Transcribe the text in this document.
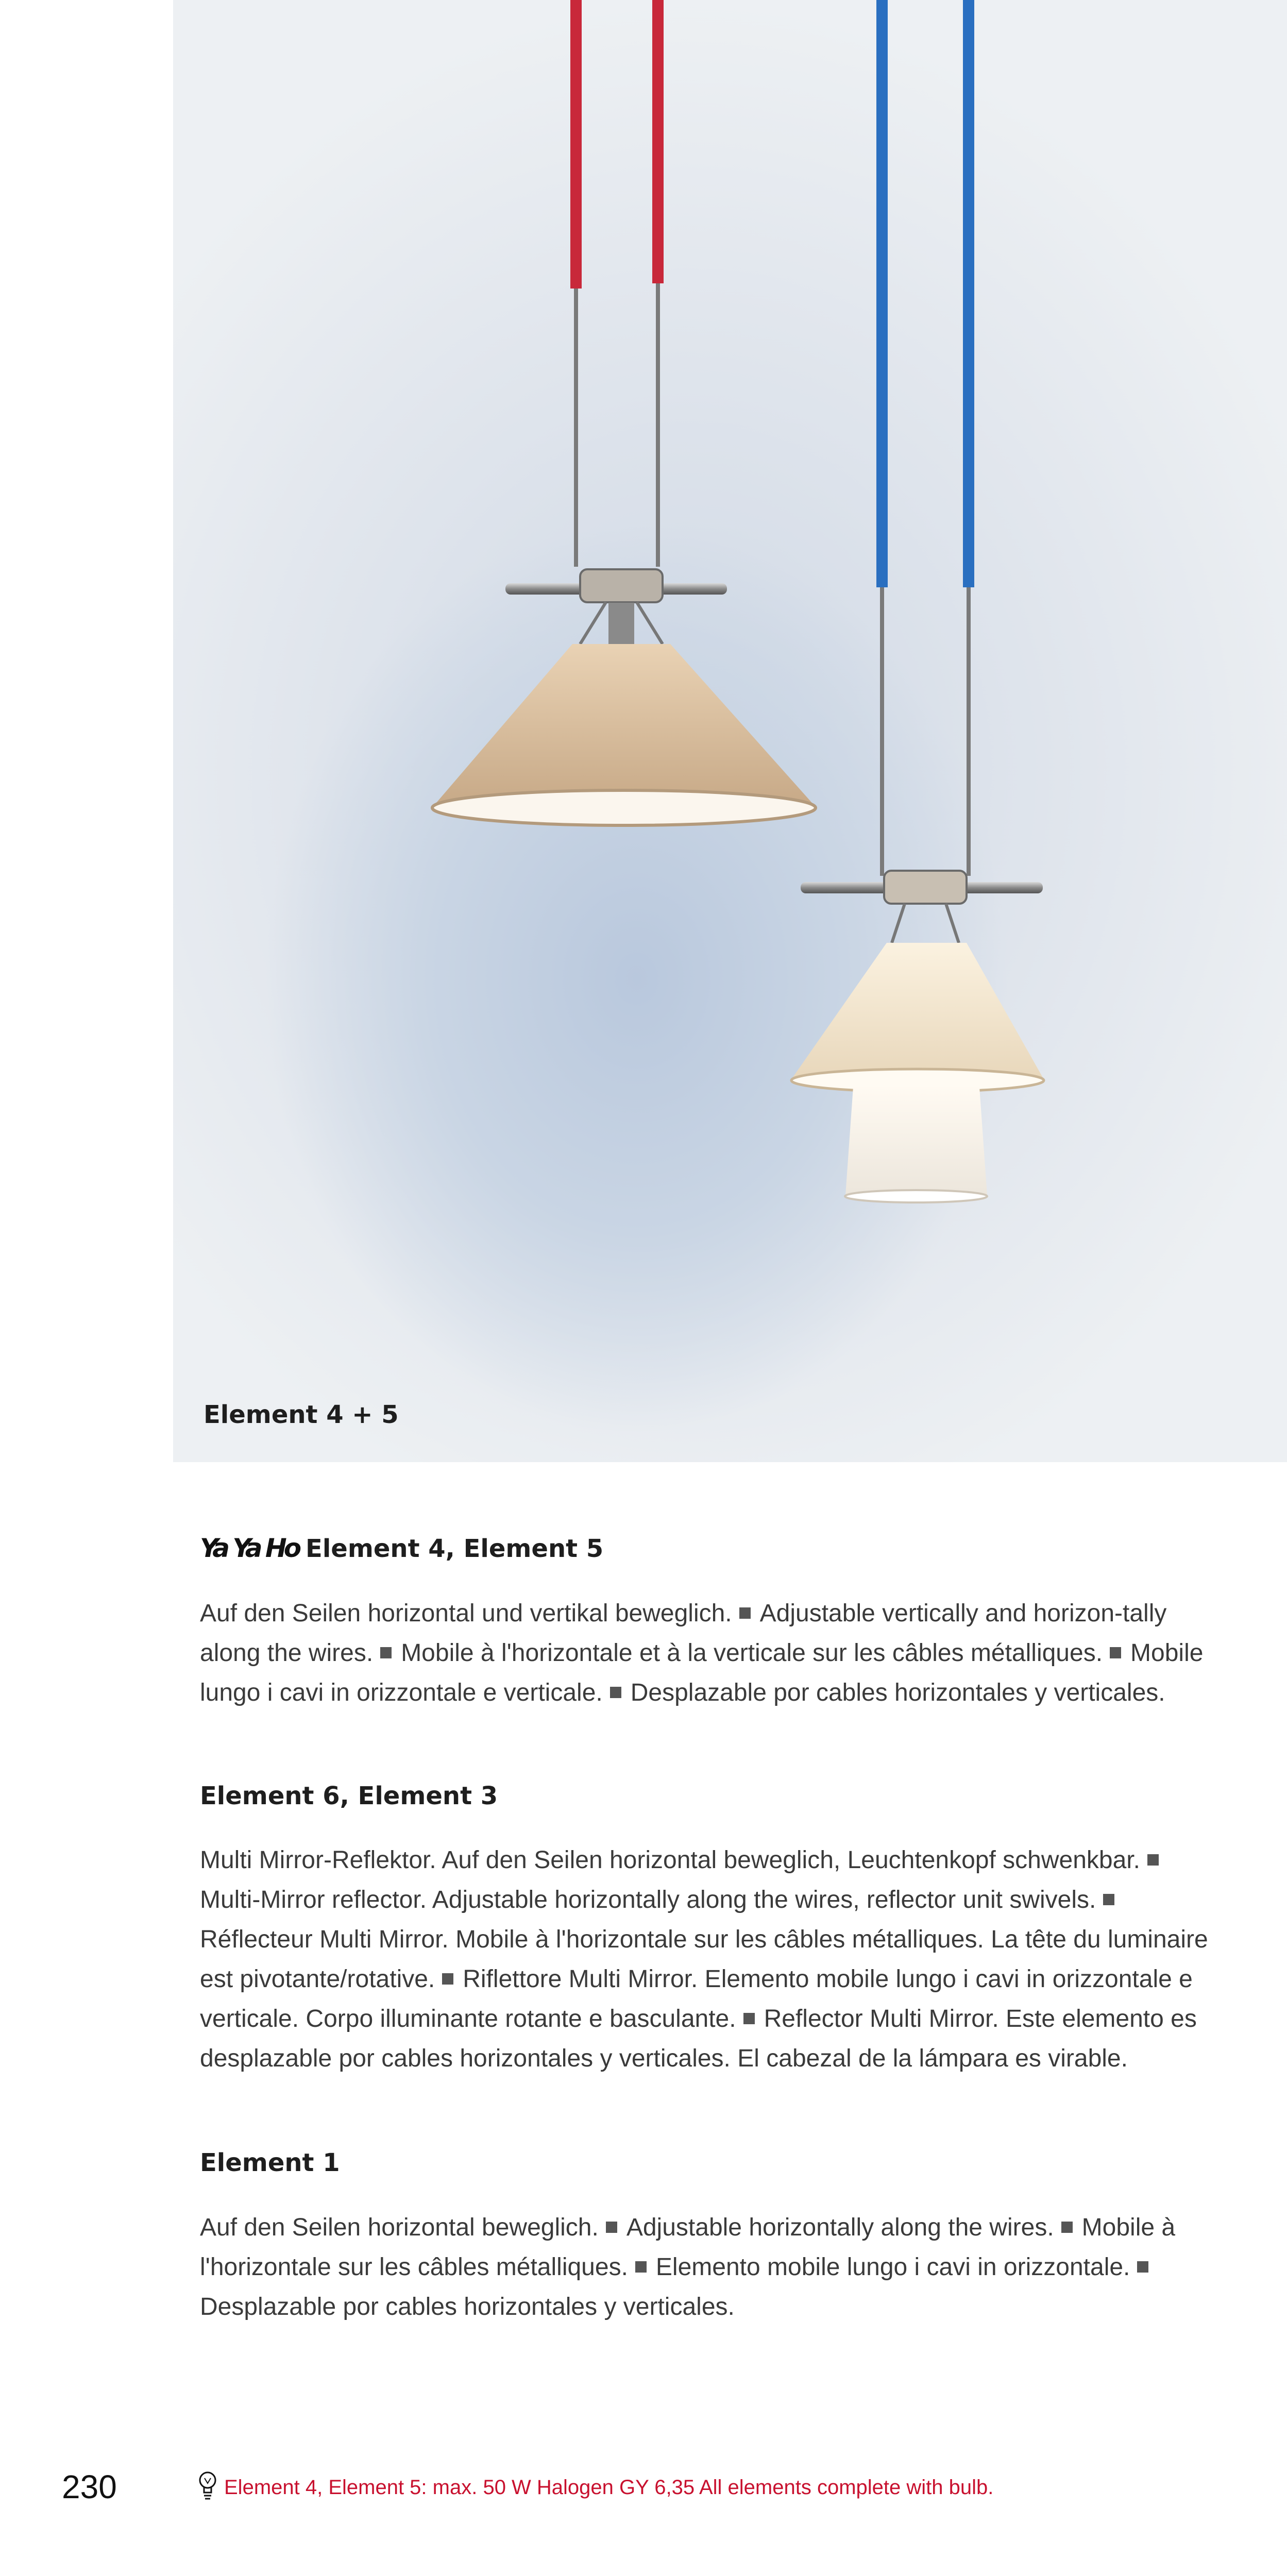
Element 4 + 5
Ya Ya Ho Element 4, Element 5
Auf den Seilen horizontal und vertikal beweglich. Adjustable vertically and horizon-tally along the wires. Mobile à l'horizontale et à la verticale sur les câbles métalliques. Mobile lungo i cavi in orizzontale e verticale. Desplazable por cables horizontales y verticales.
Element 6, Element 3
Multi Mirror-Reflektor. Auf den Seilen horizontal beweglich, Leuchtenkopf schwenkbar.Multi-Mirror reflector. Adjustable horizontally along the wires, reflector unit swivels.Réflecteur Multi Mirror. Mobile à l'horizontale sur les câbles métalliques. La tête du luminaire est pivotante/rotative. Riflettore Multi Mirror. Elemento mobile lungo i cavi in orizzontale e verticale. Corpo illuminante rotante e basculante. Reflector Multi Mirror. Este elemento es desplazable por cables horizontales y verticales. El cabezal de la lámpara es virable.
Element 1
Auf den Seilen horizontal beweglich. Adjustable horizontally along the wires. Mobile à l'horizontale sur les câbles métalliques. Elemento mobile lungo i cavi in orizzontale.Desplazable por cables horizontales y verticales.
230	Element 4, Element 5: max. 50 W Halogen GY 6,35 All elements complete with bulb.
